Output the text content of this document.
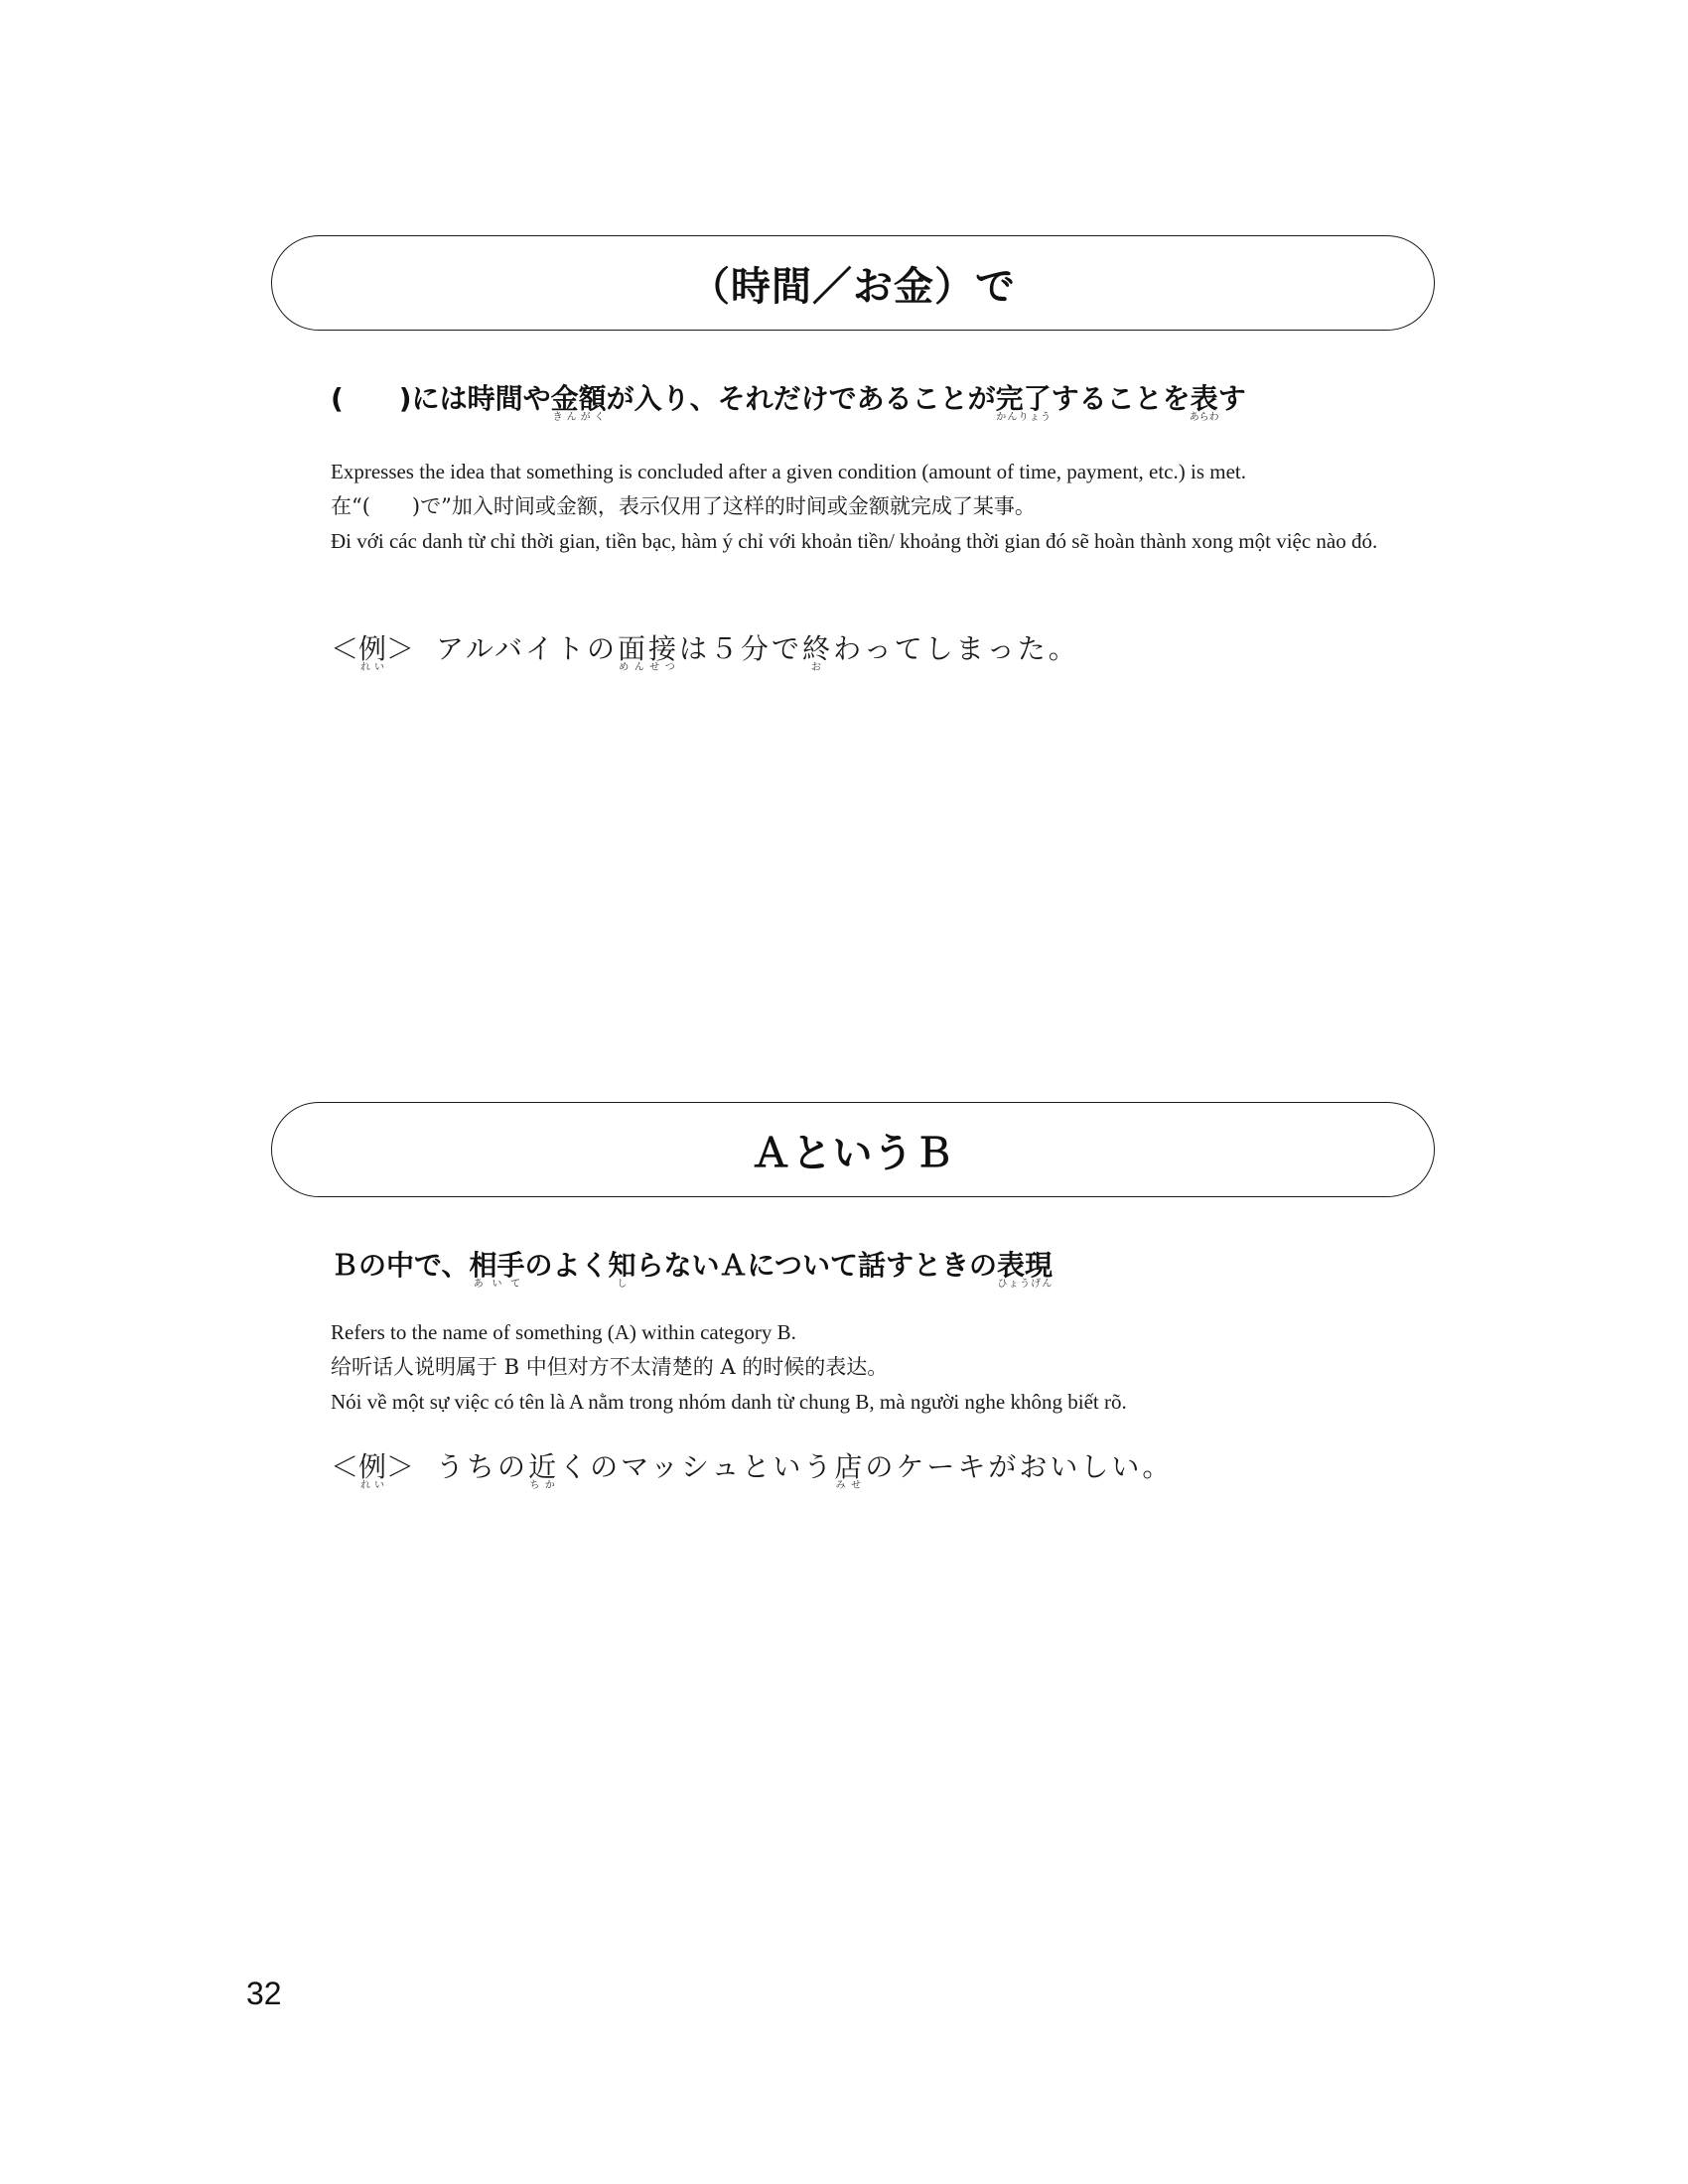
（時間／お金）で
(　　)には時間や金額きんがくが入り、それだけであることが完了かんりょうすることを表あらわす

Expresses the idea that something is concluded after a given condition (amount of time, payment, etc.) is met.

在“(　　)で”加入时间或金额，表示仅用了这样的时间或金额就完成了某事。

Đi với các danh từ chỉ thời gian, tiền bạc, hàm ý chỉ với khoản tiền/ khoảng thời gian đó sẽ hoàn thành xong một việc nào đó.

＜例れい＞ アルバイトの面接めんせつは５分で終おわってしまった。
ＡというＢ
Ｂの中で、相手あいてのよく知しらないＡについて話すときの表現ひょうげん

Refers to the name of something (A) within category B.

给听话人说明属于 B 中但对方不太清楚的 A 的时候的表达。

Nói về một sự việc có tên là A nằm trong nhóm danh từ chung B, mà người nghe không biết rõ.

＜例れい＞ うちの近ちかくのマッシュという店みせのケーキがおいしい。
32
